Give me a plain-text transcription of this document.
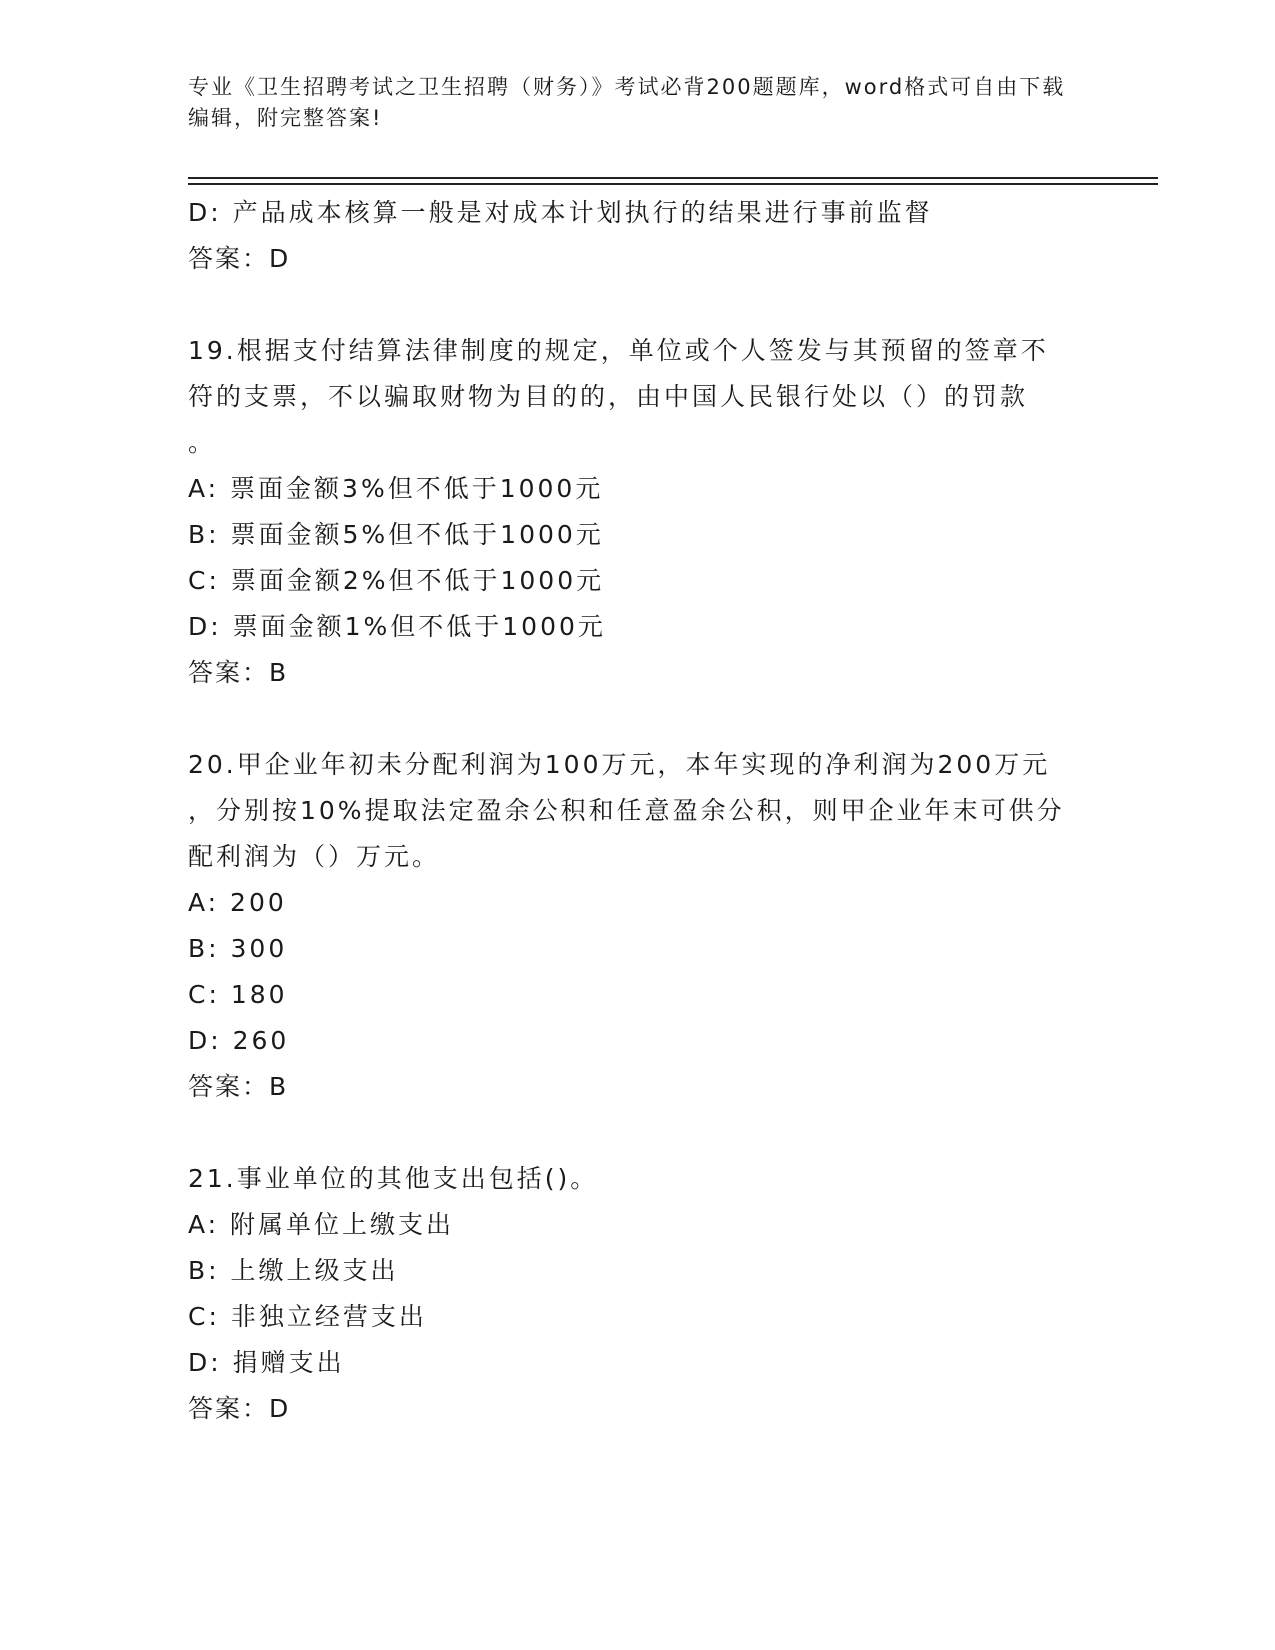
专业《卫生招聘考试之卫生招聘（财务）》考试必背200题题库，word格式可自由下载编辑，附完整答案!
D: 产品成本核算一般是对成本计划执行的结果进行事前监督
答案：D
19.根据支付结算法律制度的规定，单位或个人签发与其预留的签章不
符的支票，不以骗取财物为目的的，由中国人民银行处以（）的罚款
。
A: 票面金额3%但不低于1000元
B: 票面金额5%但不低于1000元
C: 票面金额2%但不低于1000元
D: 票面金额1%但不低于1000元
答案：B
20.甲企业年初未分配利润为100万元，本年实现的净利润为200万元
，分别按10%提取法定盈余公积和任意盈余公积，则甲企业年末可供分
配利润为（）万元。
A: 200
B: 300
C: 180
D: 260
答案：B
21.事业单位的其他支出包括()。
A: 附属单位上缴支出
B: 上缴上级支出
C: 非独立经营支出
D: 捐赠支出
答案：D
